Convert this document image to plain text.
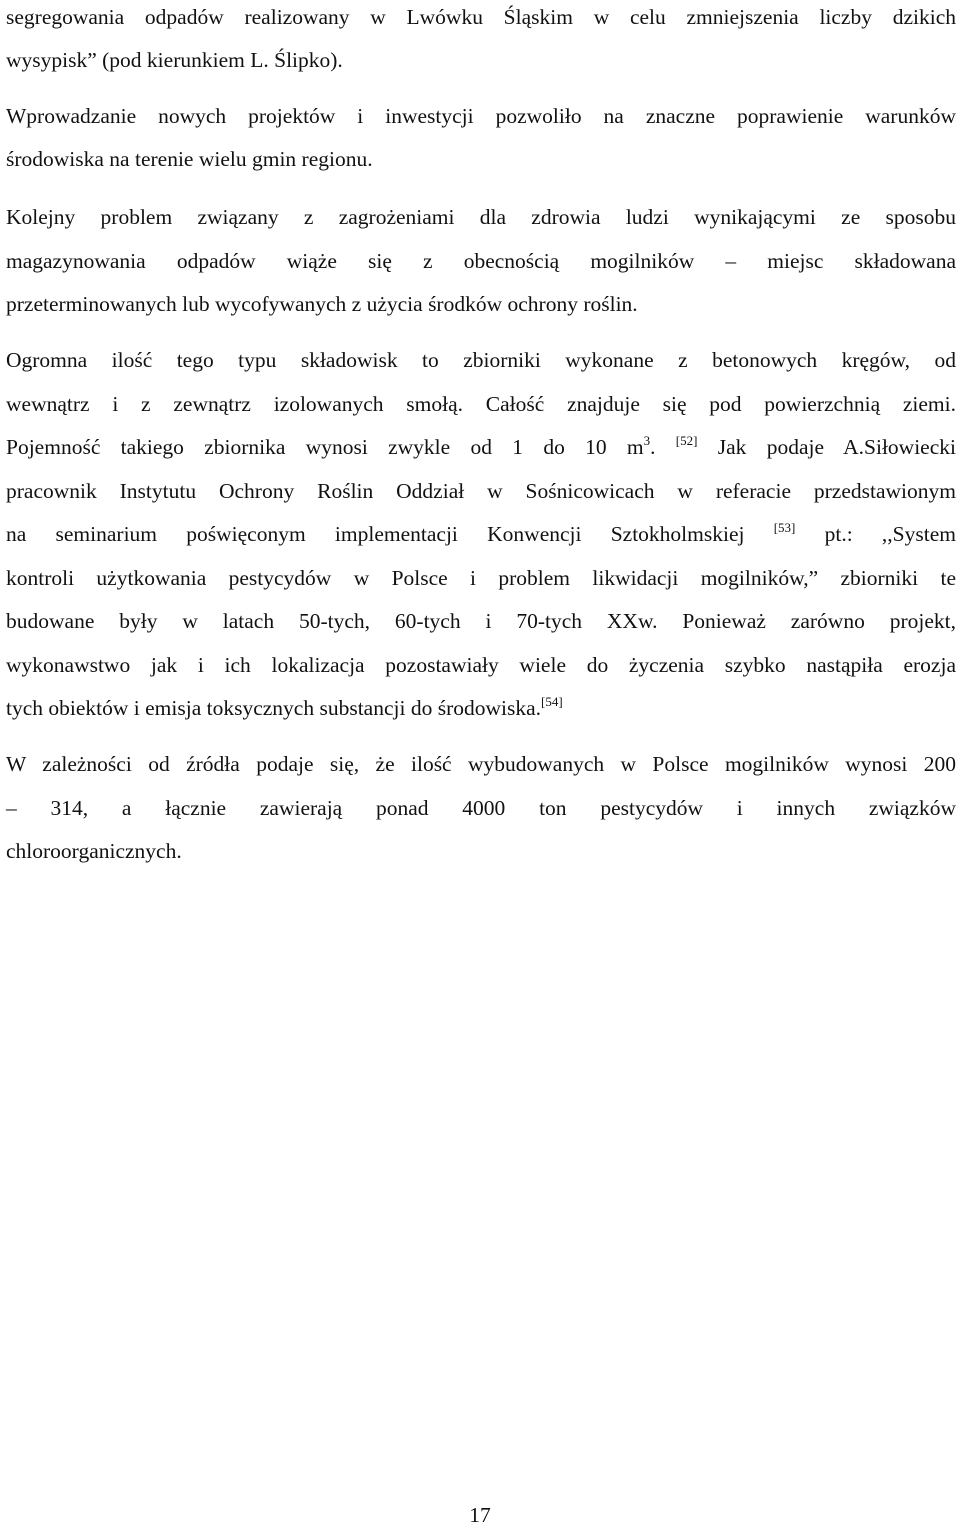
segregowania odpadów realizowany w Lwówku Śląskim w celu zmniejszenia liczby dzikich
wysypisk” (pod kierunkiem L. Ślipko).
Wprowadzanie nowych projektów i inwestycji pozwoliło na znaczne poprawienie warunków
środowiska na terenie wielu gmin regionu.
Kolejny problem związany z zagrożeniami dla zdrowia ludzi wynikającymi ze sposobu
magazynowania odpadów wiąże się z obecnością mogilników – miejsc składowana
przeterminowanych lub wycofywanych z użycia środków ochrony roślin.
Ogromna ilość tego typu składowisk to zbiorniki wykonane z betonowych kręgów, od
wewnątrz i z zewnątrz izolowanych smołą. Całość znajduje się pod powierzchnią ziemi.
Pojemność takiego zbiornika wynosi zwykle od 1 do 10 $m^3$. [52] Jak podaje A.Siłowiecki
pracownik Instytutu Ochrony Roślin Oddział w Sośnicowicach w referacie przedstawionym
na seminarium poświęconym implementacji Konwencji Sztokholmskiej [53] pt.: ,,System
kontroli użytkowania pestycydów w Polsce i problem likwidacji mogilników,” zbiorniki te
budowane były w latach 50-tych, 60-tych i 70-tych XXw. Ponieważ zarówno projekt,
wykonawstwo jak i ich lokalizacja pozostawiały wiele do życzenia szybko nastąpiła erozja
tych obiektów i emisja toksycznych substancji do środowiska.[54]
W zależności od źródła podaje się, że ilość wybudowanych w Polsce mogilników wynosi 200
– 314, a łącznie zawierają ponad 4000 ton pestycydów i innych związków
chloroorganicznych.
17
